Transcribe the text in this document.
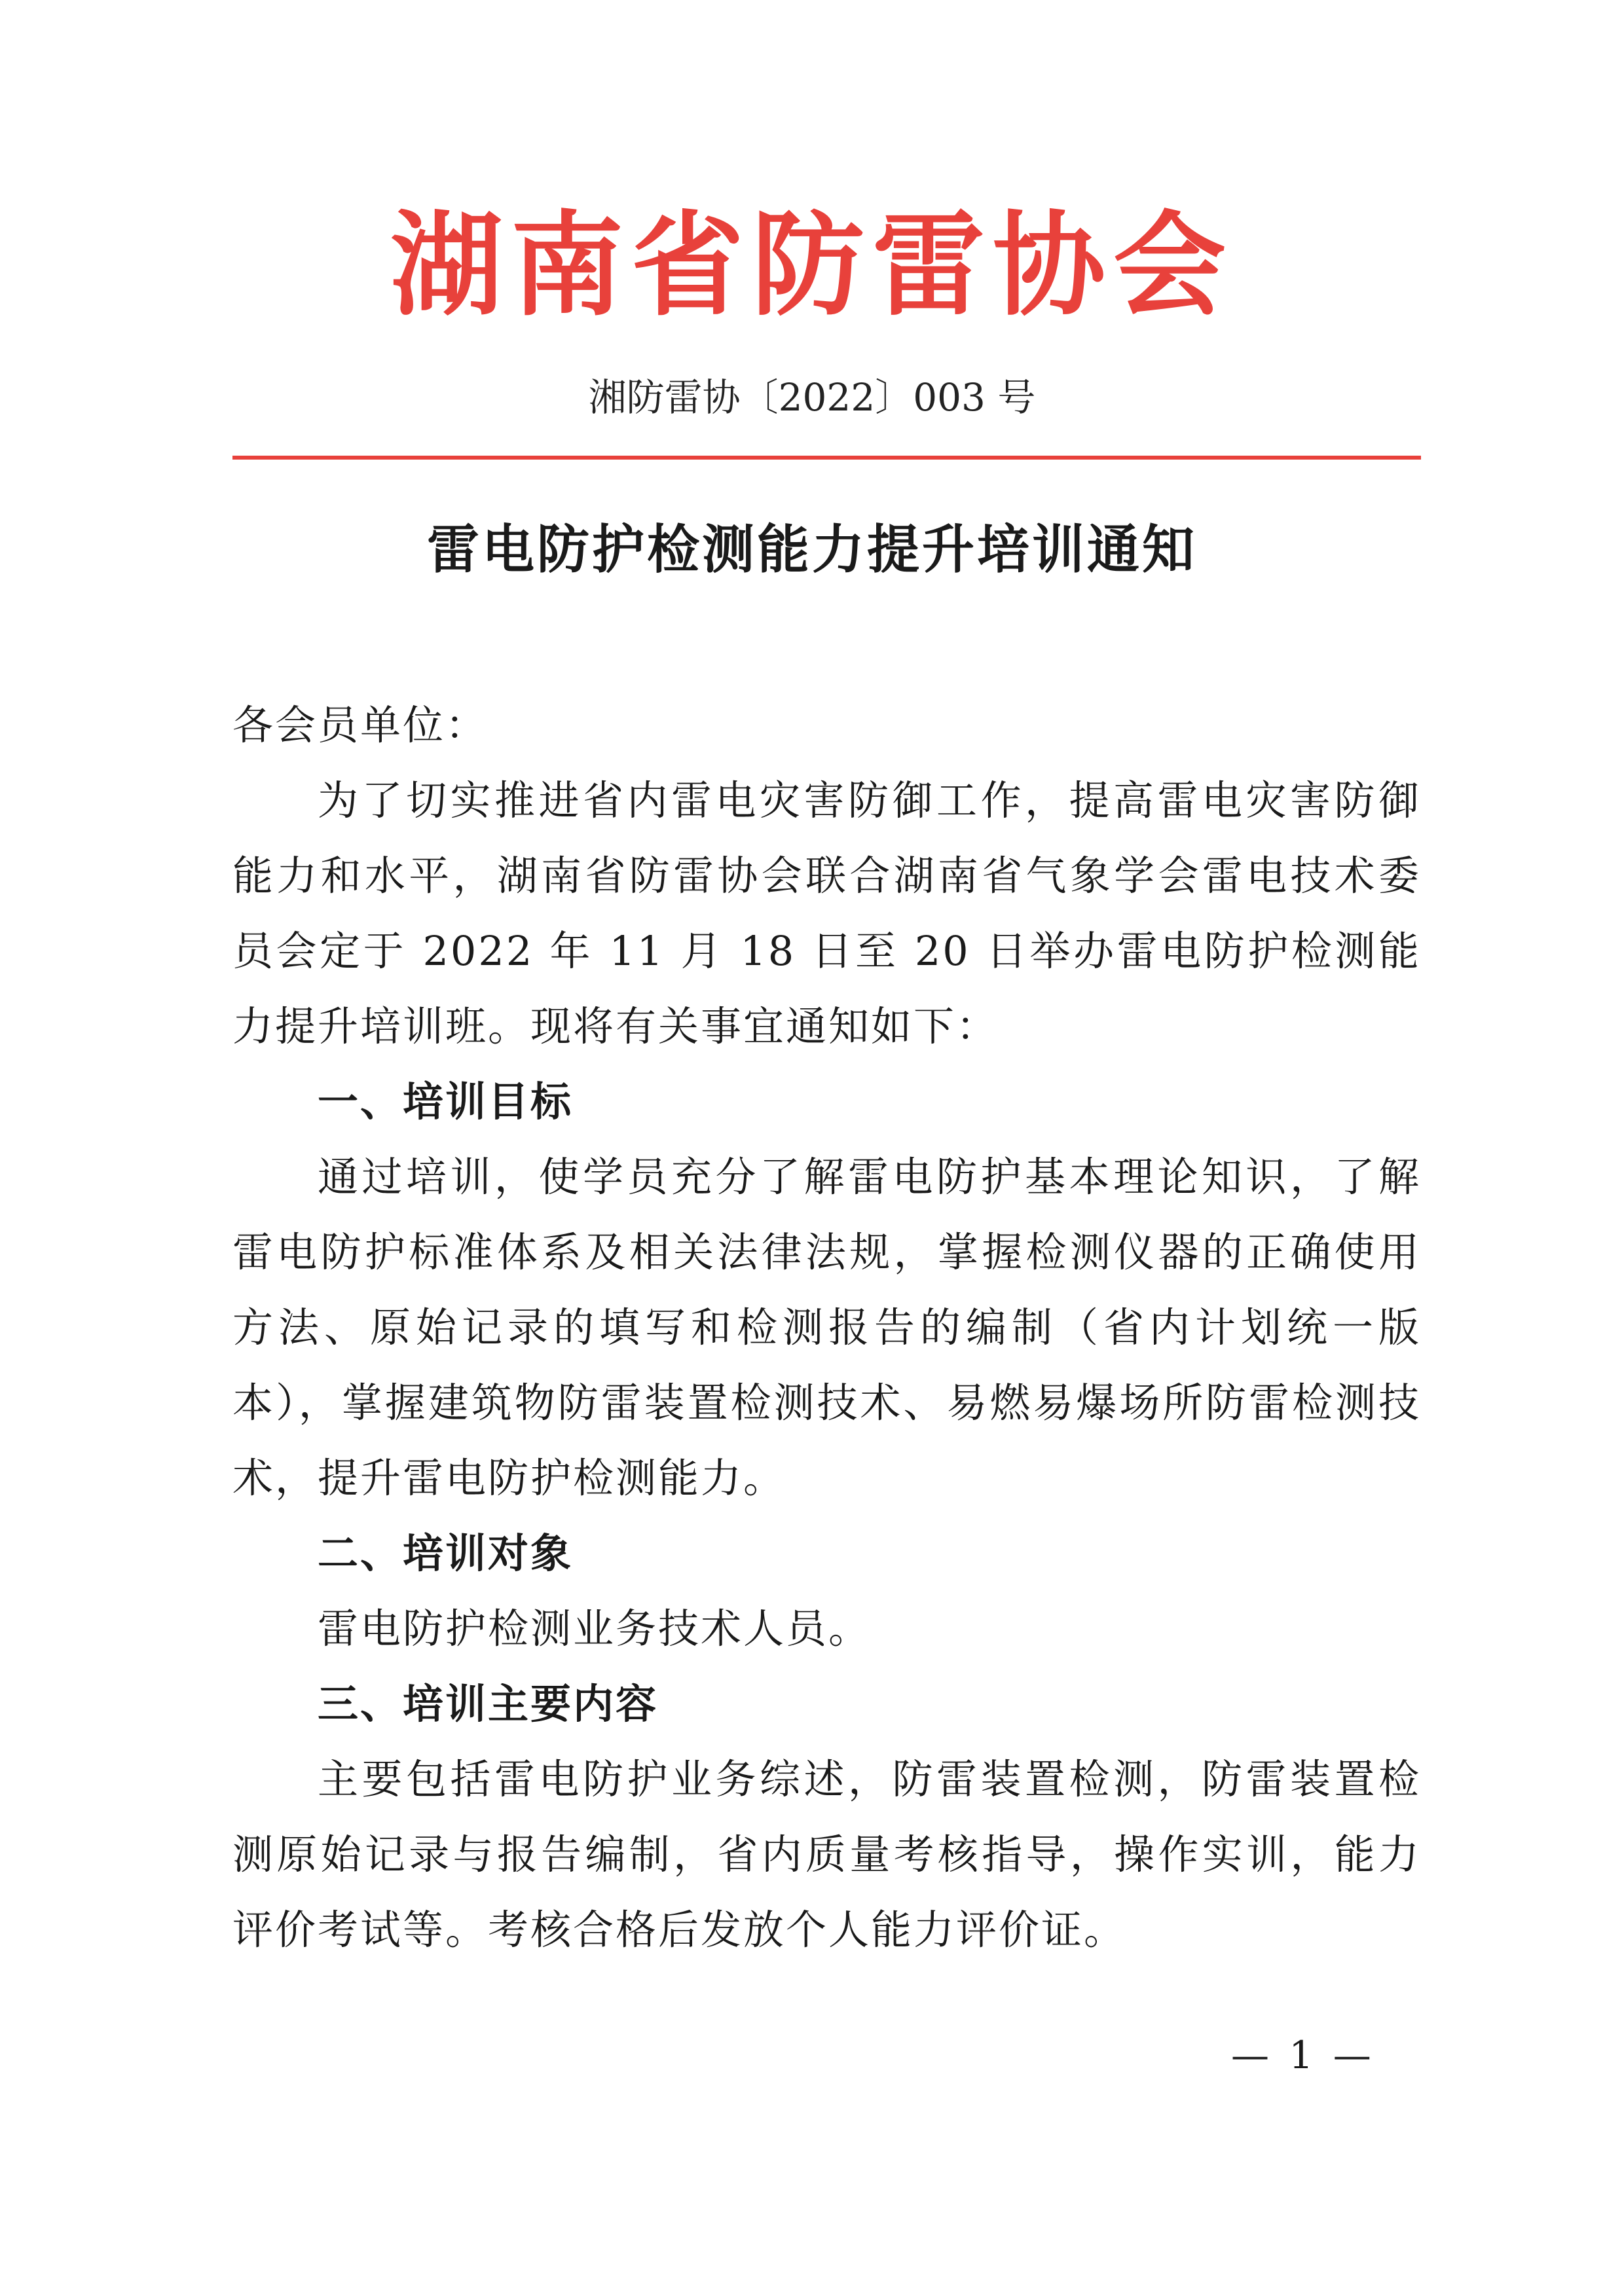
湖南省防雷协会
湘防雷协〔2022〕003 号
雷电防护检测能力提升培训通知

各会员单位：

为了切实推进省内雷电灾害防御工作，提高雷电灾害防御能力和水平，湖南省防雷协会联合湖南省气象学会雷电技术委员会定于 2022 年 11 月 18 日至 20 日举办雷电防护检测能力提升培训班。现将有关事宜通知如下：

一、培训目标

通过培训，使学员充分了解雷电防护基本理论知识，了解雷电防护标准体系及相关法律法规，掌握检测仪器的正确使用方法、原始记录的填写和检测报告的编制（省内计划统一版本），掌握建筑物防雷装置检测技术、易燃易爆场所防雷检测技术，提升雷电防护检测能力。

二、培训对象

雷电防护检测业务技术人员。

三、培训主要内容

主要包括雷电防护业务综述，防雷装置检测，防雷装置检测原始记录与报告编制，省内质量考核指导，操作实训，能力评价考试等。考核合格后发放个人能力评价证。

— 1 —
